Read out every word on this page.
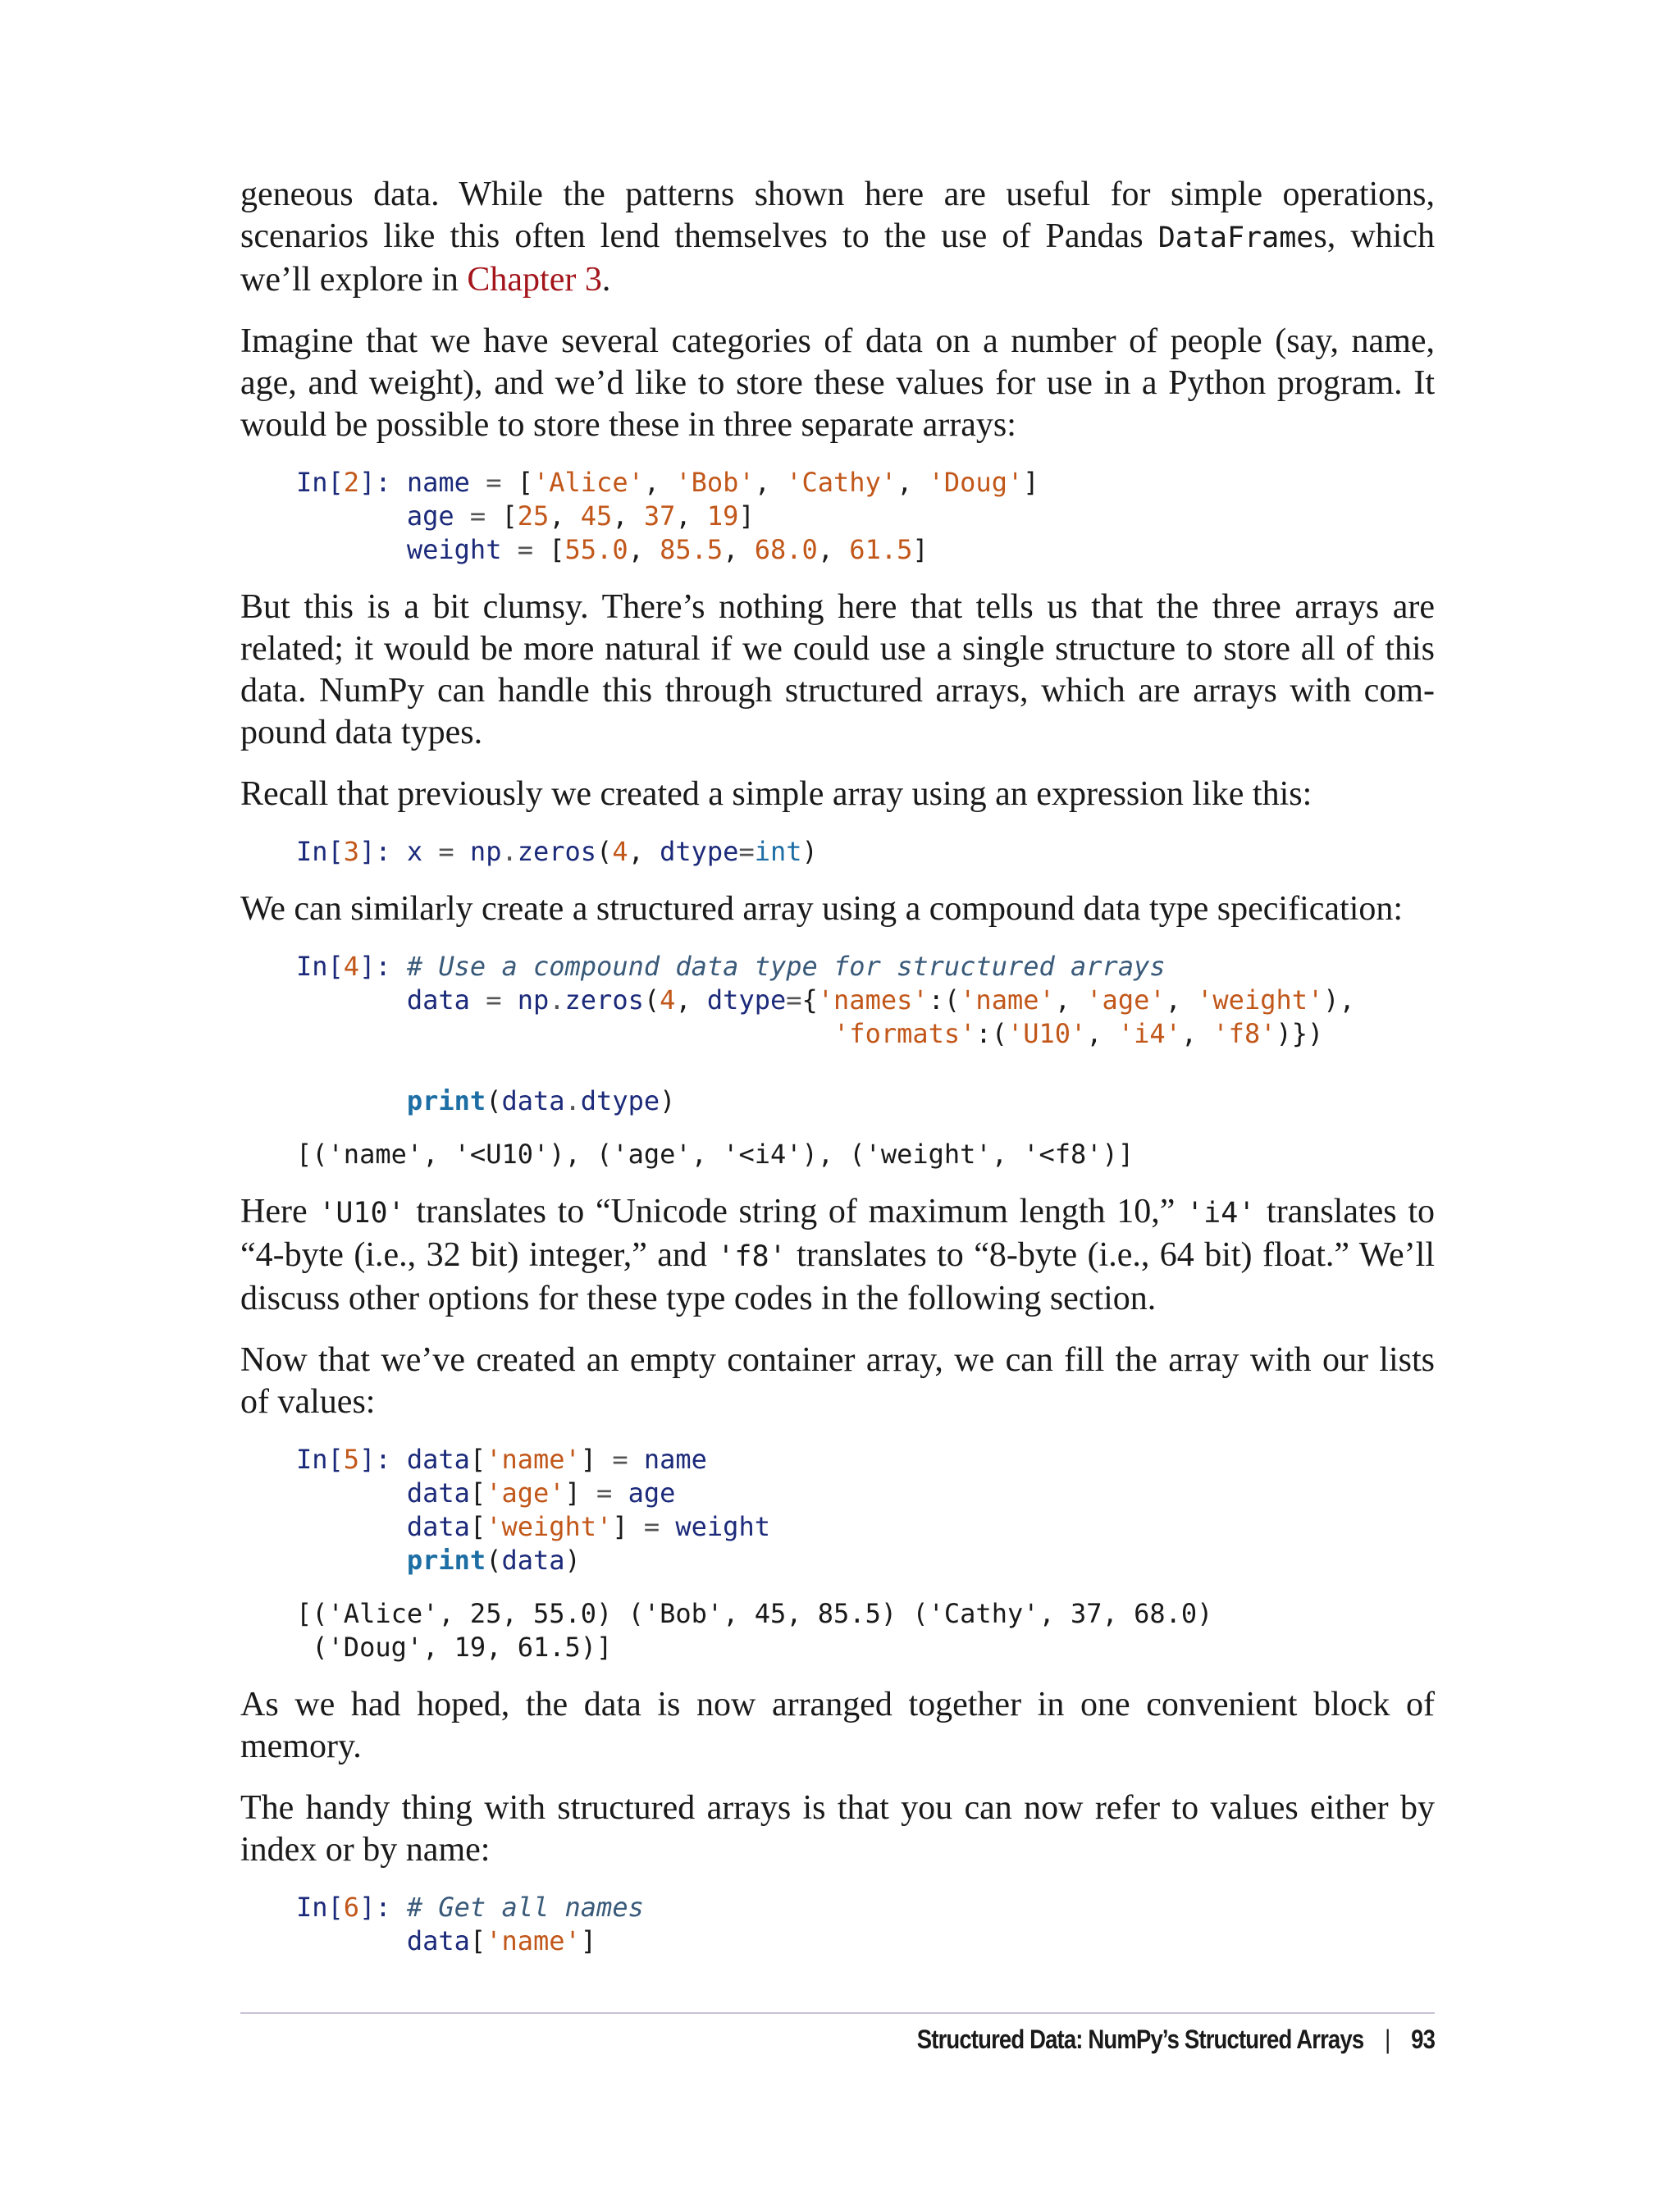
geneous data. While the patterns shown here are useful for simple operations, scenarios like this often lend themselves to the use of Pandas DataFrames, which we’ll explore in Chapter 3.

Imagine that we have several categories of data on a number of people (say, name, age, and weight), and we’d like to store these values for use in a Python program. It would be possible to store these in three separate arrays:

In[2]: name = ['Alice', 'Bob', 'Cathy', 'Doug']
age = [25, 45, 37, 19]
weight = [55.0, 85.5, 68.0, 61.5]

But this is a bit clumsy. There’s nothing here that tells us that the three arrays are related; it would be more natural if we could use a single structure to store all of this data. NumPy can handle this through structured arrays, which are arrays with compound data types.

Recall that previously we created a simple array using an expression like this:

In[3]: x = np.zeros(4, dtype=int)

We can similarly create a structured array using a compound data type specification:

In[4]: # Use a compound data type for structured arrays
data = np.zeros(4, dtype={'names':('name', 'age', 'weight'),
'formats':('U10', 'i4', 'f8')})

print(data.dtype)
[('name', '<U10'), ('age', '<i4'), ('weight', '<f8')]

Here 'U10' translates to “Unicode string of maximum length 10,” 'i4' translates to “4-byte (i.e., 32 bit) integer,” and 'f8' translates to “8-byte (i.e., 64 bit) float.” We’ll discuss other options for these type codes in the following section.

Now that we’ve created an empty container array, we can fill the array with our lists of values:

In[5]: data['name'] = name
data['age'] = age
data['weight'] = weight
print(data)
[('Alice', 25, 55.0) ('Bob', 45, 85.5) ('Cathy', 37, 68.0)
('Doug', 19, 61.5)]

As we had hoped, the data is now arranged together in one convenient block of memory.

The handy thing with structured arrays is that you can now refer to values either by index or by name:

In[6]: # Get all names
data['name']
Structured Data: NumPy’s Structured Arrays | 93
